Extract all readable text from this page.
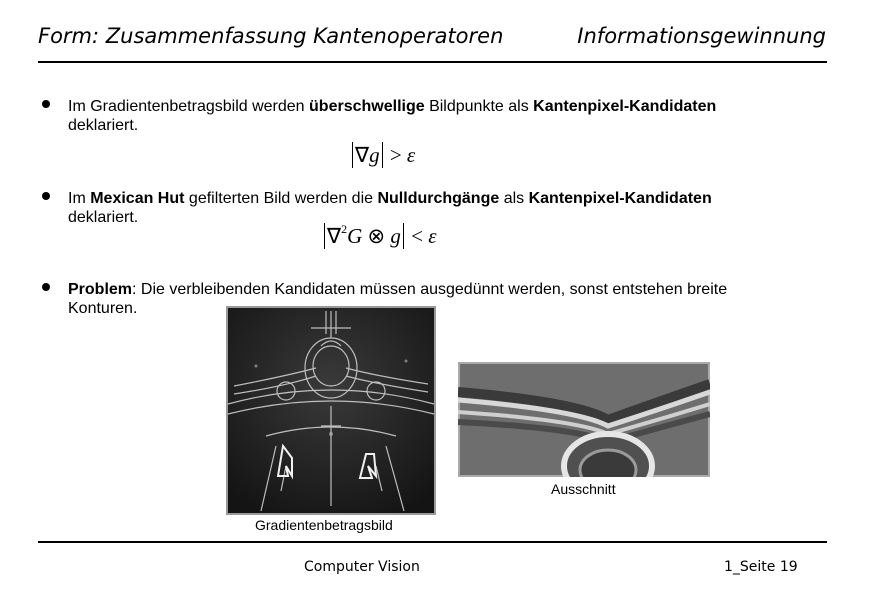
Form: Zusammenfassung Kantenoperatoren	Informationsgewinnung
Im Gradientenbetragsbild werden überschwellige Bildpunkte als Kantenpixel-Kandidaten
deklariert.
∇g > ε
Im Mexican Hut gefilterten Bild werden die Nulldurchgänge als Kantenpixel-Kandidaten
deklariert.
∇$^2$G ⊗ g < ε
Problem: Die verbleibenden Kandidaten müssen ausgedünnt werden, sonst entstehen breite
Konturen.
Gradientenbetragsbild
Ausschnitt
Computer Vision	1_Seite 19
